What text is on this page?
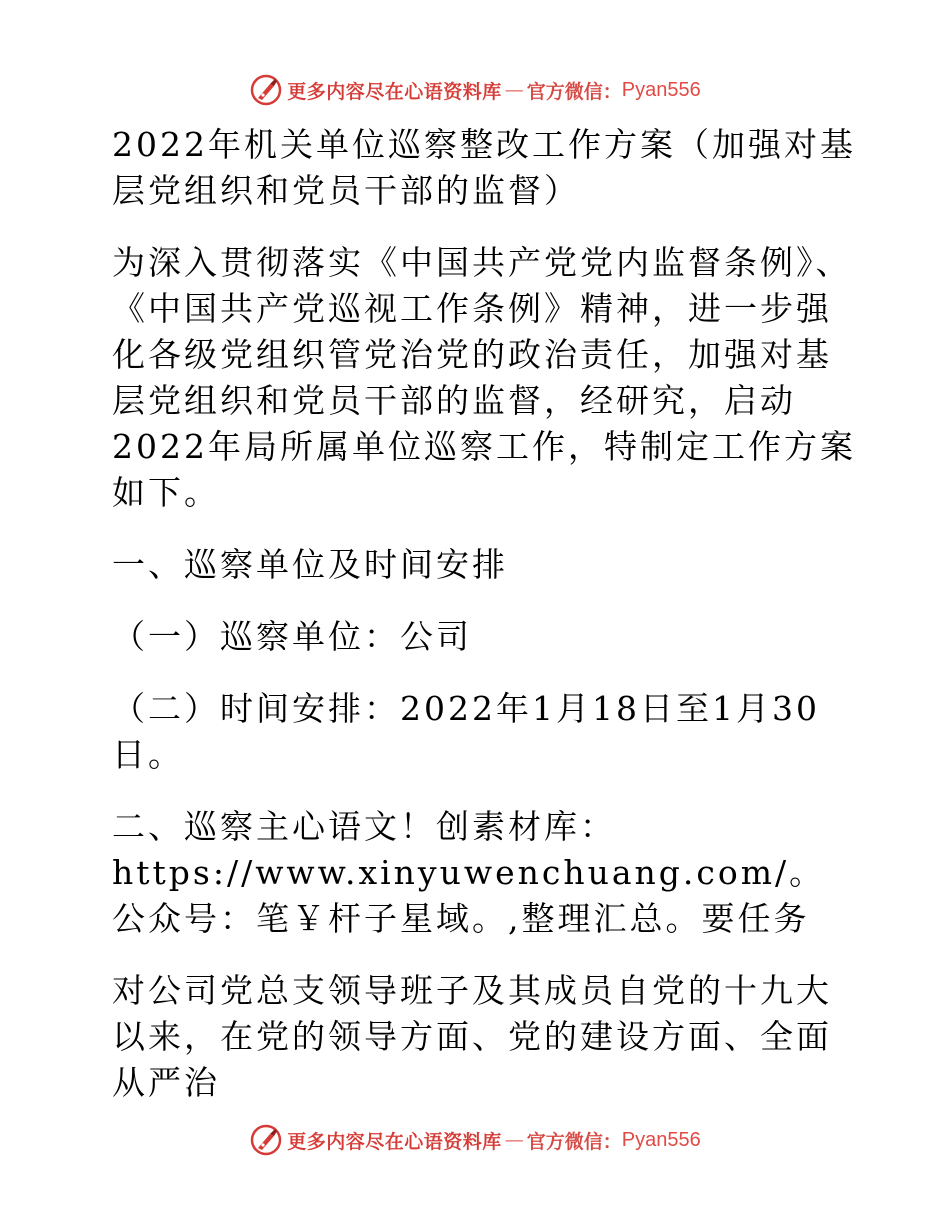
更多内容尽在心语资料库 — 官方微信： Pyan556

2022年机关单位巡察整改工作方案（加强对基层党组织和党员干部的监督）

为深入贯彻落实《中国共产党党内监督条例》、《中国共产党巡视工作条例》精神，进一步强化各级党组织管党治党的政治责任，加强对基层党组织和党员干部的监督，经研究，启动2022年局所属单位巡察工作，特制定工作方案如下。

一、巡察单位及时间安排

（一）巡察单位：公司

（二）时间安排：2022年1月18日至1月30日。

二、巡察主心语文！创素材库：https://www.xinyuwenchuang.com/。公众号：笔￥杆子星域。,整理汇总。要任务

对公司党总支领导班子及其成员自党的十九大以来，在党的领导方面、党的建设方面、全面从严治

更多内容尽在心语资料库 — 官方微信： Pyan556
